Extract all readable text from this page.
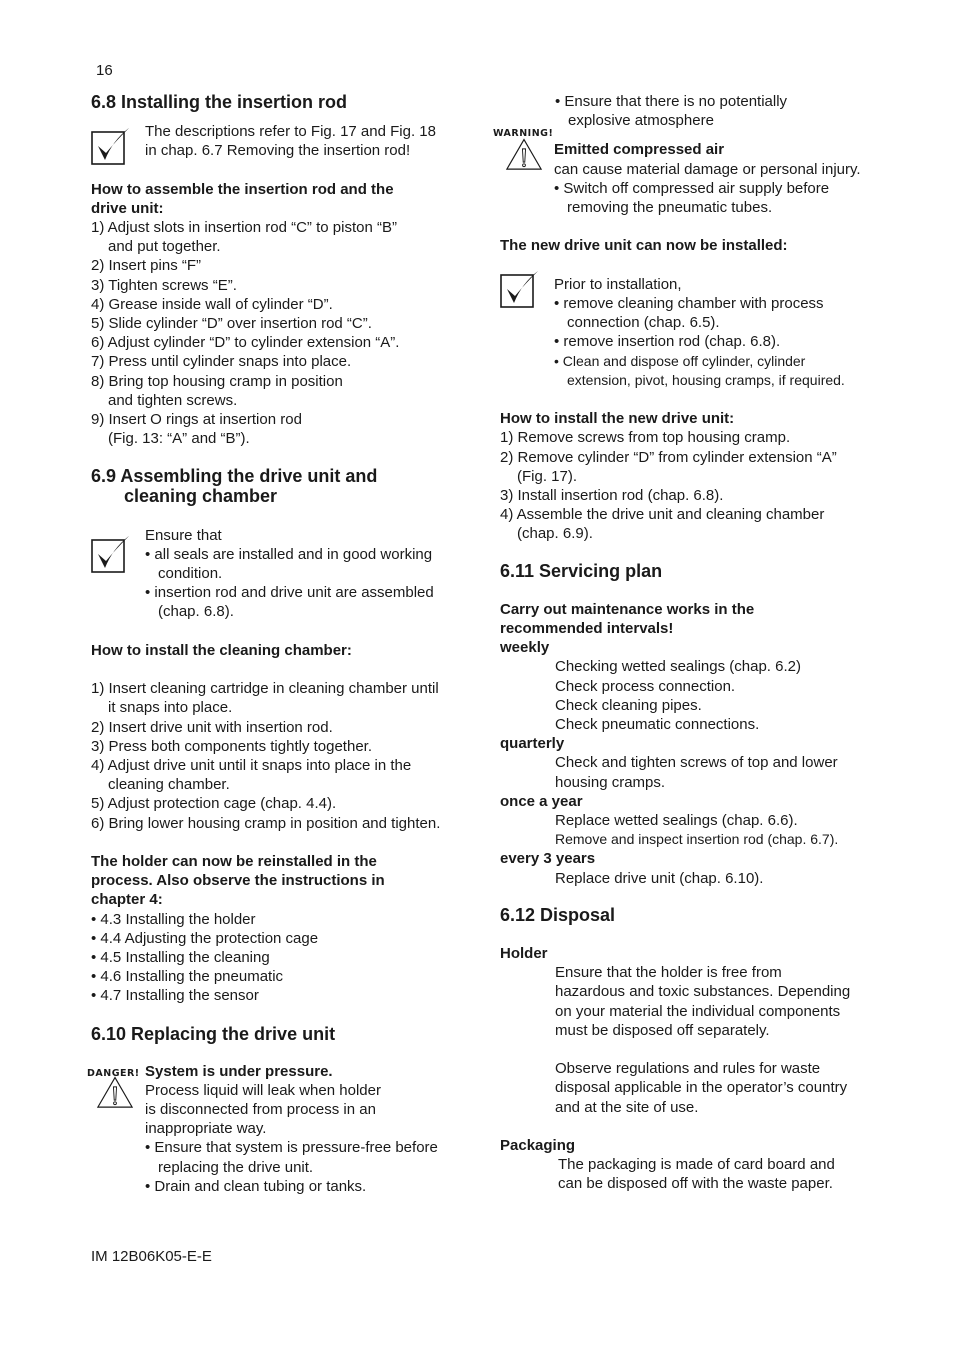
16
6.8 Installing the insertion rod
The descriptions refer to Fig. 17 and Fig. 18
in chap. 6.7 Removing the insertion rod!
How to assemble the insertion rod and the
drive unit:
1) Adjust slots in insertion rod “C” to piston “B”
and put together.
2) Insert pins “F”
3) Tighten screws “E”.
4) Grease inside wall of cylinder “D”.
5) Slide cylinder “D” over insertion rod “C”.
6) Adjust cylinder “D” to cylinder extension “A”.
7) Press until cylinder snaps into place.
8) Bring top housing cramp in position
and tighten screws.
9) Insert O rings at insertion rod
(Fig. 13: “A” and “B”).
6.9 Assembling the drive unit and
cleaning chamber
Ensure that
• all seals are installed and in good working
condition.
• insertion rod and drive unit are assembled
(chap. 6.8).
How to install the cleaning chamber:
1) Insert cleaning cartridge in cleaning chamber until
it snaps into place.
2) Insert drive unit with insertion rod.
3) Press both components tightly together.
4) Adjust drive unit until it snaps into place in the
cleaning chamber.
5) Adjust protection cage (chap. 4.4).
6) Bring lower housing cramp in position and tighten.
The holder can now be reinstalled in the
process. Also observe the instructions in
chapter 4:
• 4.3 Installing the holder
• 4.4 Adjusting the protection cage
• 4.5 Installing the cleaning
• 4.6 Installing the pneumatic
• 4.7 Installing the sensor
6.10 Replacing the drive unit
DANGER! System is under pressure.
Process liquid will leak when holder
is disconnected from process in an
inappropriate way.
• Ensure that system is pressure-free before
replacing the drive unit.
• Drain and clean tubing or tanks.
• Ensure that there is no potentially
explosive atmosphere
WARNING!
Emitted compressed air
can cause material damage or personal injury.
• Switch off compressed air supply before
removing the pneumatic tubes.
The new drive unit can now be installed:
Prior to installation,
• remove cleaning chamber with process
connection (chap. 6.5).
• remove insertion rod (chap. 6.8).
• Clean and dispose off cylinder, cylinder
extension, pivot, housing cramps, if required.
How to install the new drive unit:
1) Remove screws from top housing cramp.
2) Remove cylinder “D” from cylinder extension “A”
(Fig. 17).
3) Install insertion rod (chap. 6.8).
4) Assemble the drive unit and cleaning chamber
(chap. 6.9).
6.11 Servicing plan
Carry out maintenance works in the
recommended intervals!
weekly
Checking wetted sealings (chap. 6.2)
Check process connection.
Check cleaning pipes.
Check pneumatic connections.
quarterly
Check and tighten screws of top and lower
housing cramps.
once a year
Replace wetted sealings (chap. 6.6).
Remove and inspect insertion rod (chap. 6.7).
every 3 years
Replace drive unit (chap. 6.10).
6.12 Disposal
Holder
Ensure that the holder is free from
hazardous and toxic substances. Depending
on your material the individual components
must be disposed off separately.
Observe regulations and rules for waste
disposal applicable in the operator’s country
and at the site of use.
Packaging
The packaging is made of card board and
can be disposed off with the waste paper.
IM 12B06K05-E-E
